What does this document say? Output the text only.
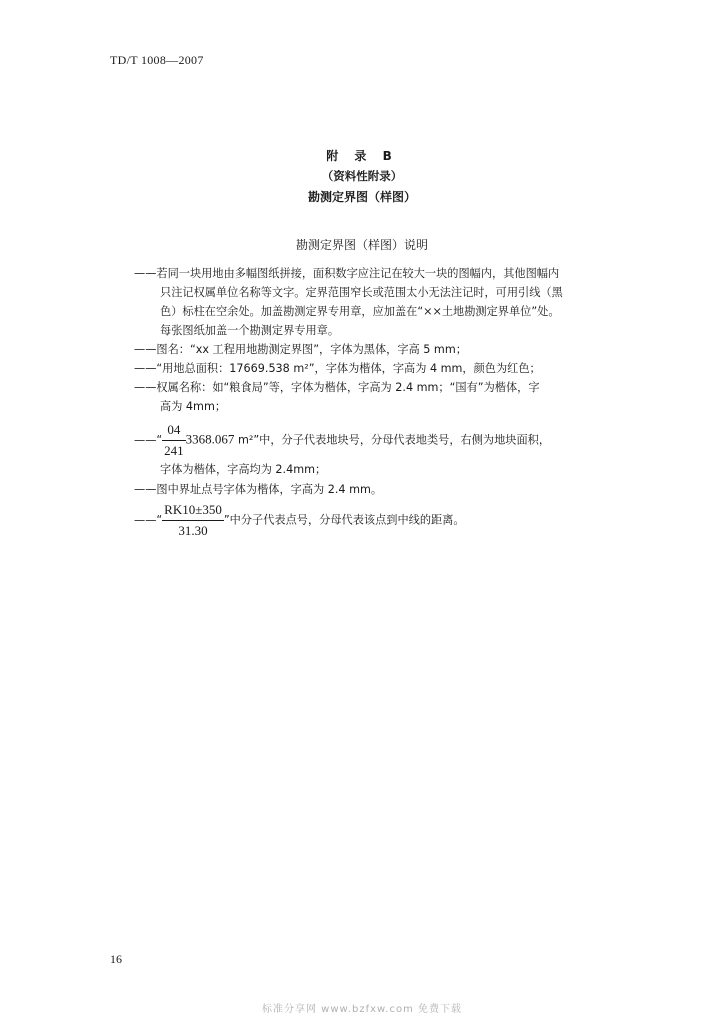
TD/T 1008—2007
附 录 B
（资料性附录）
勘测定界图（样图）
勘测定界图（样图）说明
——若同一块用地由多幅图纸拼接，面积数字应注记在较大一块的图幅内，其他图幅内
只注记权属单位名称等文字。定界范围窄长或范围太小无法注记时，可用引线（黑
色）标柱在空余处。加盖勘测定界专用章，应加盖在“××土地勘测定界单位”处。
每张图纸加盖一个勘测定界专用章。
——图名：“xx 工程用地勘测定界图”，字体为黑体，字高 5 mm；
——“用地总面积：17669.538 m²”，字体为楷体，字高为 4 mm，颜色为红色；
——权属名称：如“粮食局”等，字体为楷体，字高为 2.4 mm；“国有”为楷体，字
高为 4mm；
——“ $\frac{04}{241} 3368.067$ m²”中，分子代表地块号，分母代表地类号，右侧为地块面积，
字体为楷体，字高均为 2.4mm；
——图中界址点号字体为楷体，字高为 2.4 mm。
——“ $\frac{RK10\pm 350}{31.30}$ ”中分子代表点号，分母代表该点到中线的距离。
16
标准分享网 www.bzfxw.com 免费下载
